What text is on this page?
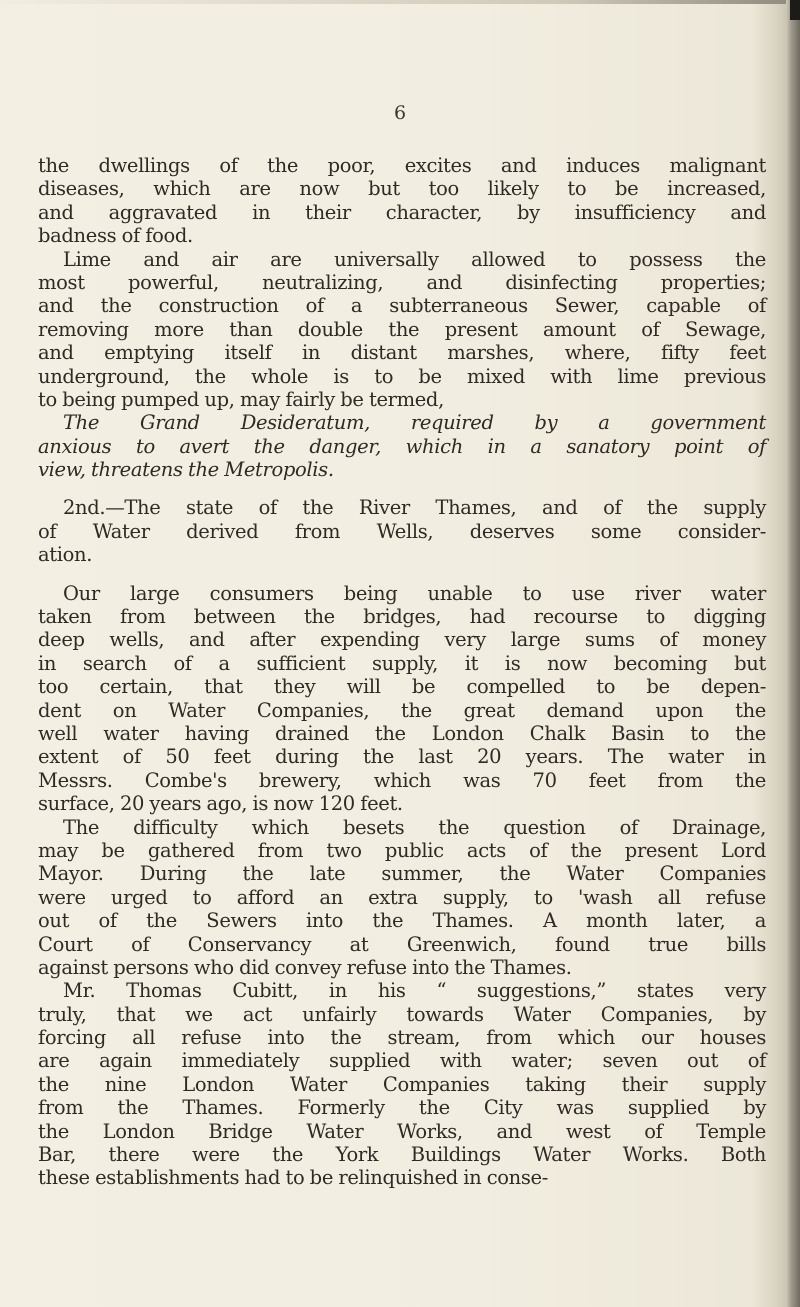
6
the dwellings of the poor, excites and induces malignant
diseases, which are now but too likely to be increased,
and aggravated in their character, by insufficiency and
badness of food.
Lime and air are universally allowed to possess the
most powerful, neutralizing, and disinfecting properties;
and the construction of a subterraneous Sewer, capable of
removing more than double the present amount of Sewage,
and emptying itself in distant marshes, where, fifty feet
underground, the whole is to be mixed with lime previous
to being pumped up, may fairly be termed,
The Grand Desideratum, required by a government
anxious to avert the danger, which in a sanatory point of
view, threatens the Metropolis.
2nd.—The state of the River Thames, and of the supply
of Water derived from Wells, deserves some consider-
ation.
Our large consumers being unable to use river water
taken from between the bridges, had recourse to digging
deep wells, and after expending very large sums of money
in search of a sufficient supply, it is now becoming but
too certain, that they will be compelled to be depen-
dent on Water Companies, the great demand upon the
well water having drained the London Chalk Basin to the
extent of 50 feet during the last 20 years. The water in
Messrs. Combe's brewery, which was 70 feet from the
surface, 20 years ago, is now 120 feet.
The difficulty which besets the question of Drainage,
may be gathered from two public acts of the present Lord
Mayor. During the late summer, the Water Companies
were urged to afford an extra supply, to 'wash all refuse
out of the Sewers into the Thames. A month later, a
Court of Conservancy at Greenwich, found true bills
against persons who did convey refuse into the Thames.
Mr. Thomas Cubitt, in his “ suggestions,” states very
truly, that we act unfairly towards Water Companies, by
forcing all refuse into the stream, from which our houses
are again immediately supplied with water; seven out of
the nine London Water Companies taking their supply
from the Thames. Formerly the City was supplied by
the London Bridge Water Works, and west of Temple
Bar, there were the York Buildings Water Works. Both
these establishments had to be relinquished in conse-
